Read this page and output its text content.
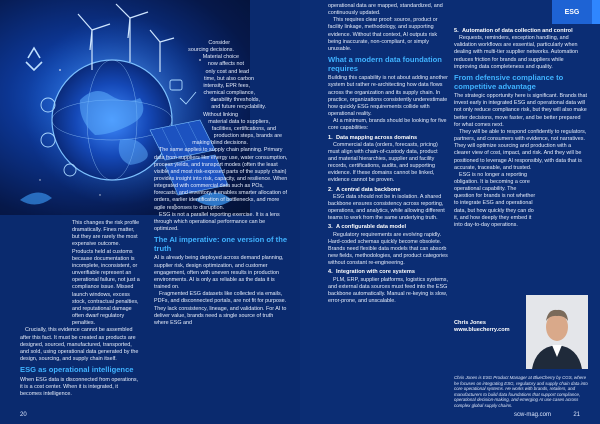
This changes the risk profile dramatically. Fines matter, but they are rarely the most expensive outcome. Products held at customs because documentation is incomplete, inconsistent, or unverifiable represent an operational failure, not just a compliance issue. Missed launch windows, excess stock, contractual penalties, and reputational damage often dwarf regulatory penalties.

Crucially, this evidence cannot be assembled after this fact. It must be created as products are designed, sourced, manufactured, transported, and sold, using operational data generated by the design, sourcing, and supply chain itself.

ESG as operational intelligence

When ESG data is disconnected from operations, it is a cost center. When it is integrated, it becomes intelligence.

Consider
sourcing decisions.
Material choice
now affects not
only cost and lead
time, but also carbon
intensity, EPR fees,
chemical compliance,
durability thresholds,
and future recyclability.
Without linking
material data to suppliers,
facilities, certifications, and
production steps, brands are
making blind decisions.

The same applies to supply chain planning. Primary data from suppliers like energy use, water consumption, process yields, and transport modes (often the least visible and most risk-exposed parts of the supply chain) provides insight into risk, capacity, and resilience. When integrated with commercial data such as POs, forecasts, and inventory, it enables smarter allocation of orders, earlier identification of bottlenecks, and more agile responses to disruption.

ESG is not a parallel reporting exercise. It is a lens through which operational performance can be optimized.

The AI imperative: one version of the truth

AI is already being deployed across demand planning, supplier risk, design optimization, and customer engagement, often with uneven results in production environments. AI is only as reliable as the data it is trained on.

Fragmented ESG datasets like collected via emails, PDFs, and disconnected portals, are not fit for purpose. They lack consistency, lineage, and validation. For AI to deliver value, brands need a single source of truth where ESG and

20
ESG

operational data are mapped, standardized, and continuously updated.

This requires clear proof: source, product or facility linkage, methodology, and supporting evidence. Without that context, AI outputs risk being inaccurate, non-compliant, or simply unusable.

What a modern data foundation requires

Building this capability is not about adding another system but rather re-architecting how data flows across the organization and its supply chain. In practice, organizations consistently underestimate how quickly ESG requirements collide with operational reality.

At a minimum, brands should be looking for five core capabilities:

1. Data mapping across domains

Commercial data (orders, forecasts, pricing) must align with chain-of-custody data, product and material hierarchies, supplier and facility records, certifications, audits, and supporting evidence. If these domains cannot be linked, evidence cannot be proven.

2. A central data backbone

ESG data should not be in isolation. A shared backbone ensures consistency across reporting, operations, and analytics, while allowing different teams to work from the same underlying truth.

3. A configurable data model

Regulatory requirements are evolving rapidly. Hard-coded schemas quickly become obsolete. Brands need flexible data models that can absorb new fields, methodologies, and product categories without constant re-engineering.

4. Integration with core systems

PLM, ERP, supplier platforms, logistics systems, and external data sources must feed into the ESG backbone automatically. Manual re-keying is slow, error-prone, and unscalable.

5. Automation of data collection and control

Requests, reminders, exception handling, and validation workflows are essential, particularly when dealing with multi-tier supplier networks. Automation reduces friction for brands and suppliers while improving data completeness and quality.

From defensive compliance to competitive advantage

The strategic opportunity here is significant. Brands that invest early in integrated ESG and operational data will not only reduce compliance risk, but they will also make better decisions, move faster, and be better prepared for what comes next.

They will be able to respond confidently to regulators, partners, and consumers with evidence, not narratives. They will optimize sourcing and production with a clearer view of cost, impact, and risk. And they will be positioned to leverage AI responsibly, with data that is accurate, traceable, and trusted.

ESG is no longer a reporting obligation. It is becoming a core operational capability. The question for brands is not whether to integrate ESG and operational data, but how quickly they can do it, and how deeply they embed it into day-to-day operations.

Chris Jones
www.bluecherry.com
Chris Jones is ESG Product Manager at BlueCherry by CGS, where he focuses on integrating ESG, regulatory and supply chain data into core operational systems. He works with brands, retailers, and manufacturers to build data foundations that support compliance, operational decision-making, and emerging AI use cases across complex global supply chains.
scw-mag.com	21
